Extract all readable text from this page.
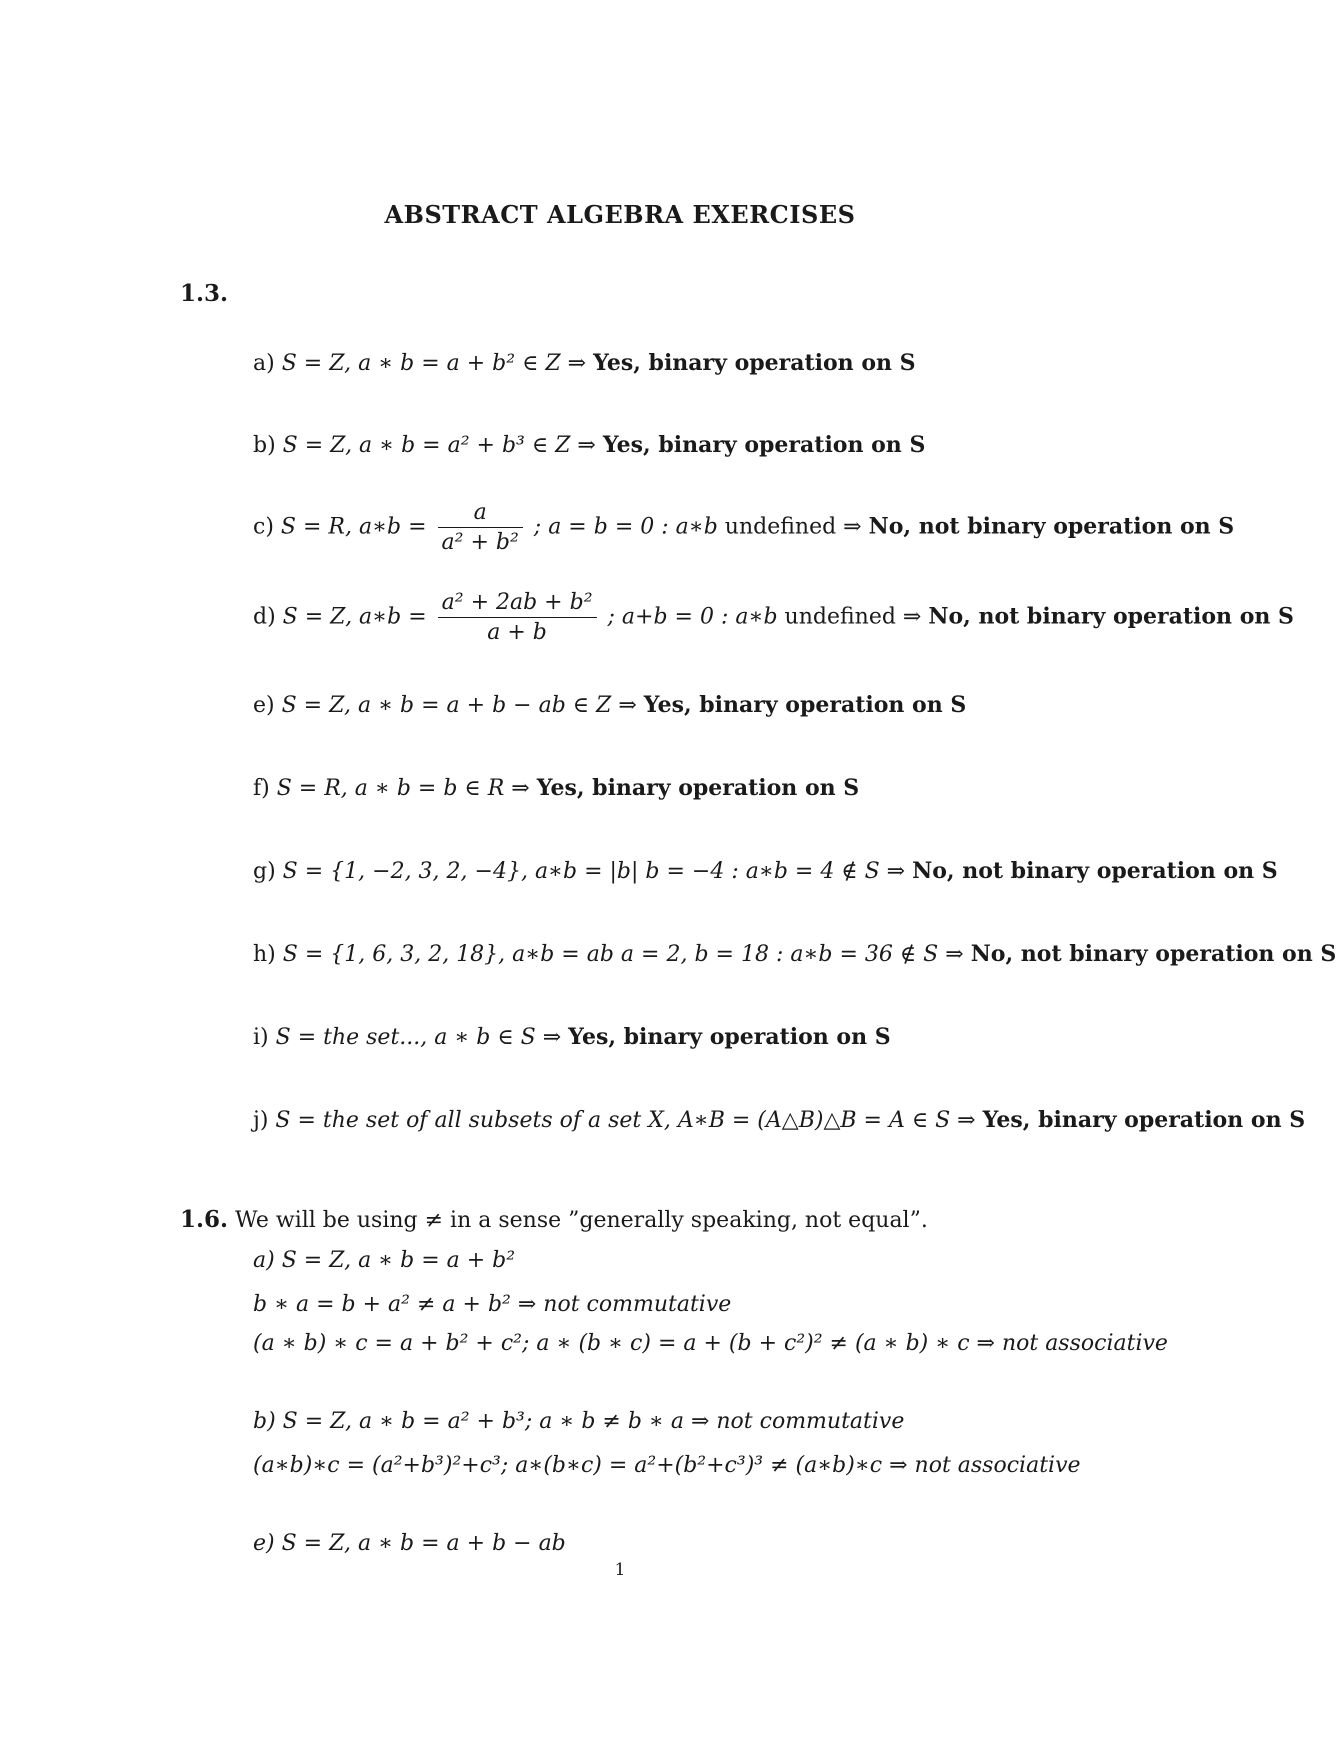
ABSTRACT ALGEBRA EXERCISES
1.3.
a) S = Z, a ∗ b = a + b² ∈ Z ⇒ Yes, binary operation on S
b) S = Z, a ∗ b = a² + b³ ∈ Z ⇒ Yes, binary operation on S
c) S = R, a∗b = $\frac{a}{\text{a² + b²}}$ ; a = b = 0 : a∗b undefined ⇒ No, not binary operation on S
d) S = Z, a∗b = $\frac{\text{a² + 2ab + b²}}{a + b}$ ; a+b = 0 : a∗b undefined ⇒ No, not binary operation on S
e) S = Z, a ∗ b = a + b − ab ∈ Z ⇒ Yes, binary operation on S
f) S = R, a ∗ b = b ∈ R ⇒ Yes, binary operation on S
g) S = {1, −2, 3, 2, −4}, a∗b = |b| b = −4 : a∗b = 4 ∉ S ⇒ No, not binary operation on S
h) S = {1, 6, 3, 2, 18}, a∗b = ab a = 2, b = 18 : a∗b = 36 ∉ S ⇒ No, not binary operation on S
i) S = the set..., a ∗ b ∈ S ⇒ Yes, binary operation on S
j) S = the set of all subsets of a set X, A∗B = (A△B)△B = A ∈ S ⇒ Yes, binary operation on S
1.6. We will be using ≠ in a sense ”generally speaking, not equal”.
a) S = Z, a ∗ b = a + b²
b ∗ a = b + a² ≠ a + b² ⇒ not commutative
(a ∗ b) ∗ c = a + b² + c²; a ∗ (b ∗ c) = a + (b + c²)² ≠ (a ∗ b) ∗ c ⇒ not associative
b) S = Z, a ∗ b = a² + b³; a ∗ b ≠ b ∗ a ⇒ not commutative
(a∗b)∗c = (a²+b³)²+c³; a∗(b∗c) = a²+(b²+c³)³ ≠ (a∗b)∗c ⇒ not associative
e) S = Z, a ∗ b = a + b − ab
1
